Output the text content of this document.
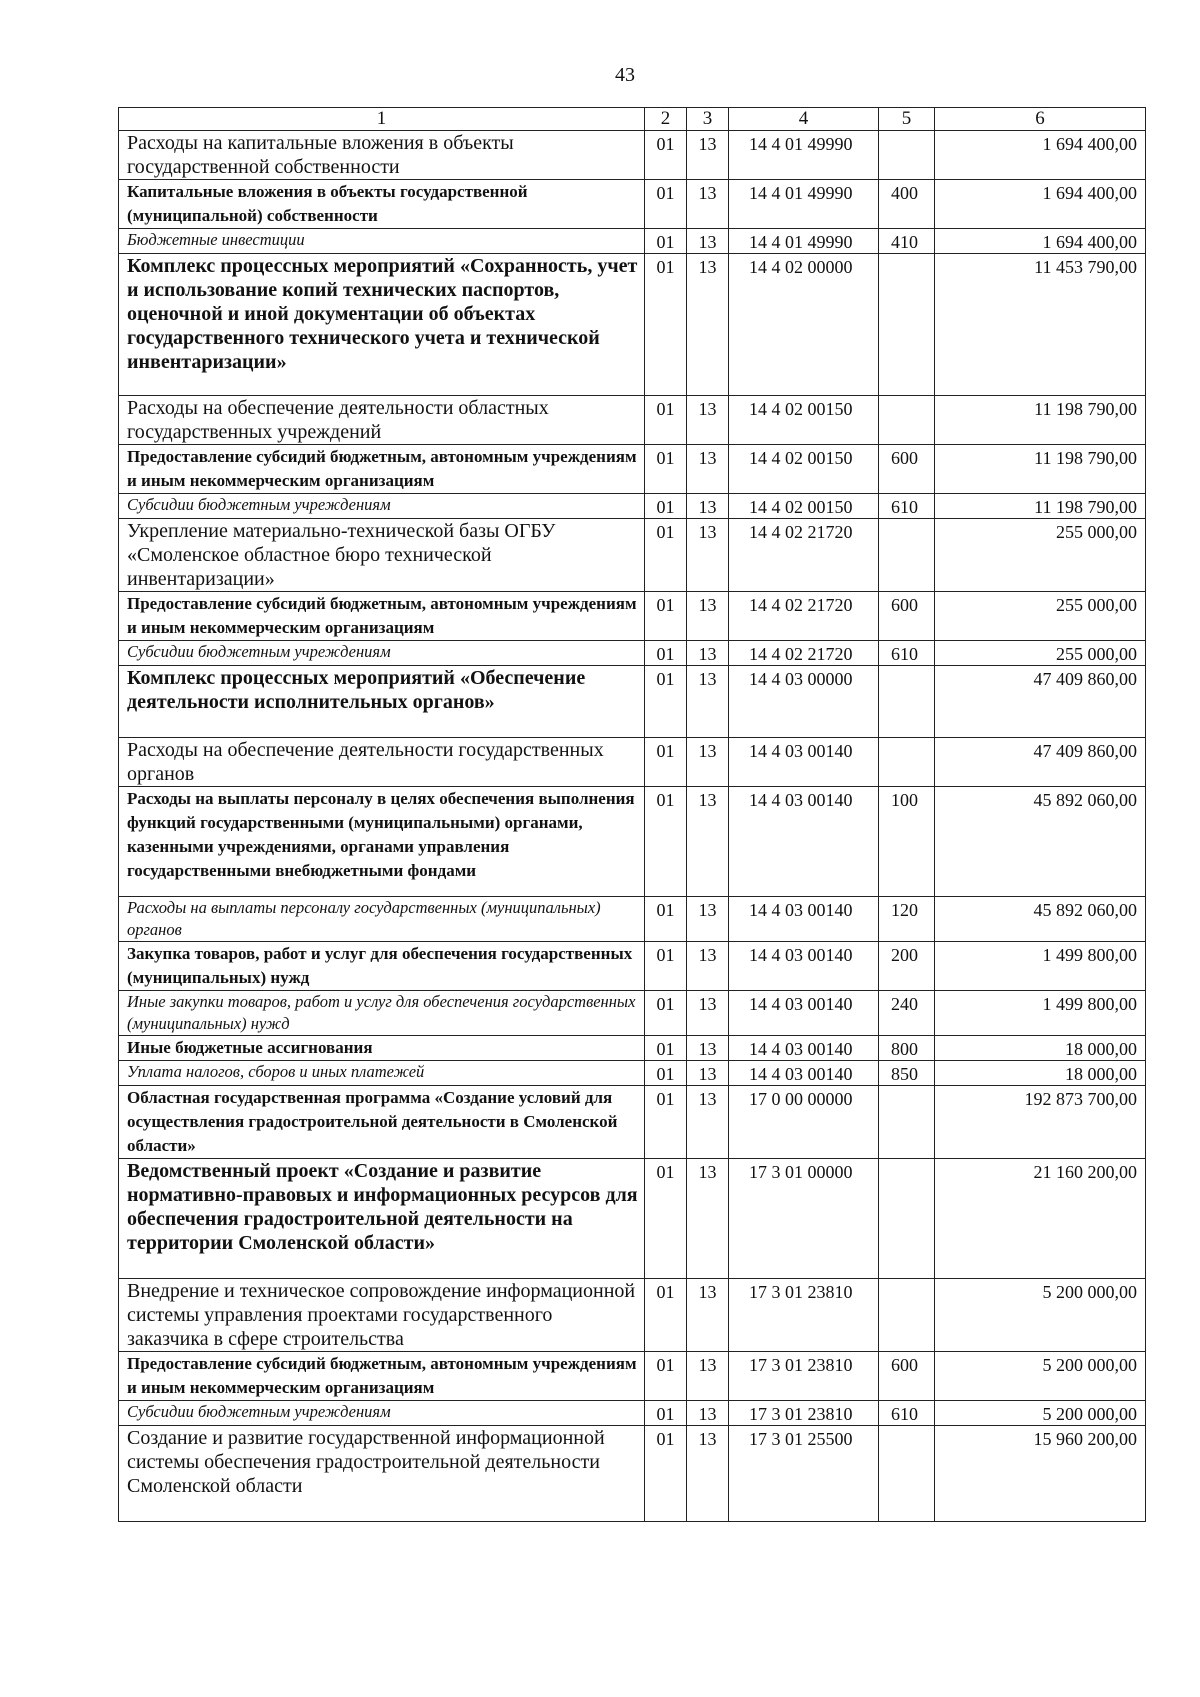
43
1	2	3	4	5	6
Расходы на капитальные вложения в объекты государственной собственности	01	13	14 4 01 49990		1 694 400,00
Капитальные вложения в объекты государственной (муниципальной) собственности	01	13	14 4 01 49990	400	1 694 400,00
Бюджетные инвестиции	01	13	14 4 01 49990	410	1 694 400,00
Комплекс процессных мероприятий «Сохранность, учет и использование копий технических паспортов, оценочной и иной документации об объектах государственного технического учета и технической инвентаризации»	01	13	14 4 02 00000		11 453 790,00
Расходы на обеспечение деятельности областных государственных учреждений	01	13	14 4 02 00150		11 198 790,00
Предоставление субсидий бюджетным, автономным учреждениям и иным некоммерческим организациям	01	13	14 4 02 00150	600	11 198 790,00
Субсидии бюджетным учреждениям	01	13	14 4 02 00150	610	11 198 790,00
Укрепление материально-технической базы ОГБУ «Смоленское областное бюро технической инвентаризации»	01	13	14 4 02 21720		255 000,00
Предоставление субсидий бюджетным, автономным учреждениям и иным некоммерческим организациям	01	13	14 4 02 21720	600	255 000,00
Субсидии бюджетным учреждениям	01	13	14 4 02 21720	610	255 000,00
Комплекс процессных мероприятий «Обеспечение деятельности исполнительных органов»	01	13	14 4 03 00000		47 409 860,00
Расходы на обеспечение деятельности государственных органов	01	13	14 4 03 00140		47 409 860,00
Расходы на выплаты персоналу в целях обеспечения выполнения функций государственными (муниципальными) органами, казенными учреждениями, органами управления государственными внебюджетными фондами	01	13	14 4 03 00140	100	45 892 060,00
Расходы на выплаты персоналу государственных (муниципальных) органов	01	13	14 4 03 00140	120	45 892 060,00
Закупка товаров, работ и услуг для обеспечения государственных (муниципальных) нужд	01	13	14 4 03 00140	200	1 499 800,00
Иные закупки товаров, работ и услуг для обеспечения государственных (муниципальных) нужд	01	13	14 4 03 00140	240	1 499 800,00
Иные бюджетные ассигнования	01	13	14 4 03 00140	800	18 000,00
Уплата налогов, сборов и иных платежей	01	13	14 4 03 00140	850	18 000,00
Областная государственная программа «Создание условий для осуществления градостроительной деятельности в Смоленской области»	01	13	17 0 00 00000		192 873 700,00
Ведомственный проект «Создание и развитие нормативно-правовых и информационных ресурсов для обеспечения градостроительной деятельности на территории Смоленской области»	01	13	17 3 01 00000		21 160 200,00
Внедрение и техническое сопровождение информационной системы управления проектами государственного заказчика в сфере строительства	01	13	17 3 01 23810		5 200 000,00
Предоставление субсидий бюджетным, автономным учреждениям и иным некоммерческим организациям	01	13	17 3 01 23810	600	5 200 000,00
Субсидии бюджетным учреждениям	01	13	17 3 01 23810	610	5 200 000,00
Создание и развитие государственной информационной системы обеспечения градостроительной деятельности Смоленской области	01	13	17 3 01 25500		15 960 200,00
